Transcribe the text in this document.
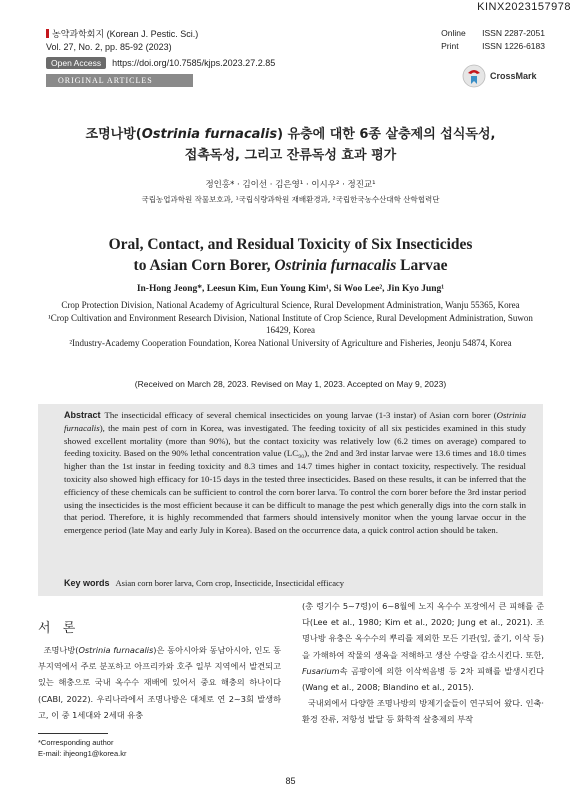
KINX2023157978
농약과학회지 (Korean J. Pestic. Sci.)
Vol. 27, No. 2, pp. 85-92 (2023)
Open Access	https://doi.org/10.7585/kjps.2023.27.2.85
ORIGINAL ARTICLES
Online	ISSN 2287-2051
Print	ISSN 1226-6183
CrossMark
조명나방(Ostrinia furnacalis) 유충에 대한 6종 살충제의 섭식독성,
접촉독성, 그리고 잔류독성 효과 평가
정인홍* · 김이선 · 김은영¹ · 이시우² · 정진교¹
국립농업과학원 작물보호과, ¹국립식량과학원 재배환경과, ²국립한국농수산대학 산학협력단
Oral, Contact, and Residual Toxicity of Six Insecticides
to Asian Corn Borer, Ostrinia furnacalis Larvae
In-Hong Jeong*, Leesun Kim, Eun Young Kim¹, Si Woo Lee², Jin Kyo Jung¹
Crop Protection Division, National Academy of Agricultural Science, Rural Development Administration, Wanju 55365, Korea
¹Crop Cultivation and Environment Research Division, National Institute of Crop Science, Rural Development Administration, Suwon 16429, Korea
²Industry-Academy Cooperation Foundation, Korea National University of Agriculture and Fisheries, Jeonju 54874, Korea
(Received on March 28, 2023. Revised on May 1, 2023. Accepted on May 9, 2023)
Abstract The insecticidal efficacy of several chemical insecticides on young larvae (1-3 instar) of Asian corn borer (Ostrinia furnacalis), the main pest of corn in Korea, was investigated. The feeding toxicity of all six pesticides examined in this study showed excellent mortality (more than 90%), but the contact toxicity was relatively low (6.2 times on average) compared to feeding toxicity. Based on the 90% lethal concentration value (LC₉₀), the 2nd and 3rd instar larvae were 13.6 times and 18.0 times higher than the 1st instar in feeding toxicity and 8.3 times and 14.7 times higher in contact toxicity, respectively. The residual toxicity also showed high efficacy for 10-15 days in the tested three insecticides. Based on these results, it can be inferred that the efficiency of these chemicals can be sufficient to control the corn borer larva. To control the corn borer before the 3rd instar period using the insecticides is the most efficient because it can be difficult to manage the pest which generally digs into the corn stalk in that period. Therefore, it is highly recommended that farmers should intensively monitor when the young larvae occur in the emergence period (late May and early July in Korea). Based on the occurrence data, a quick control action should be taken.
Key words Asian corn borer larva, Corn crop, Insecticide, Insecticidal efficacy
서 론
조명나방(Ostrinia furnacalis)은 동아시아와 동남아시아, 인도 동부지역에서 주로 분포하고 아프리카와 호주 일부 지역에서 발견되고 있는 해충으로 국내 옥수수 재배에 있어서 중요 해충의 하나이다(CABI, 2022). 우리나라에서 조명나방은 대체로 연 2~3회 발생하고, 이 중 1세대와 2세대 유충
(총 령기수 5~7령)이 6~8월에 노지 옥수수 포장에서 큰 피해를 준다(Lee et al., 1980; Kim et al., 2020; Jung et al., 2021). 조명나방 유충은 옥수수의 뿌리를 제외한 모든 기관(잎, 줄기, 이삭 등)을 가해하여 작물의 생육을 저해하고 생산 수량을 감소시킨다. 또한, Fusarium속 곰팡이에 의한 이삭썩음병 등 2차 피해를 발생시킨다(Wang et al., 2008; Blandino et al., 2015).
국내외에서 다양한 조명나방의 방제기술들이 연구되어 왔다. 인축·환경 잔류, 저항성 발달 등 화학적 살충제의 부작
*Corresponding author
E-mail: ihjeong1@korea.kr
85
